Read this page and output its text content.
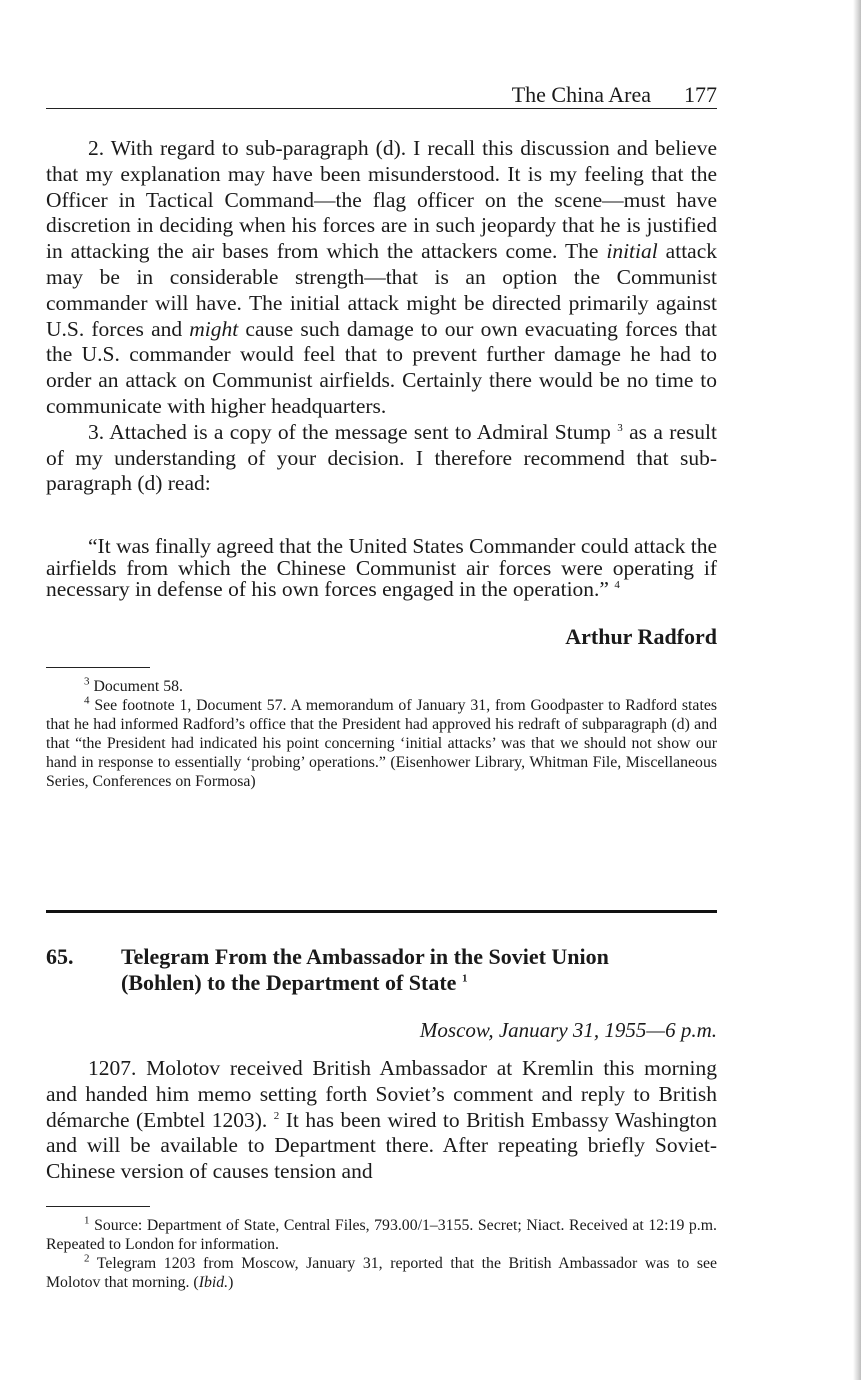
The China Area 177

2. With regard to sub-paragraph (d). I recall this discussion and believe that my explanation may have been misunderstood. It is my feeling that the Officer in Tactical Command—the flag officer on the scene—must have discretion in deciding when his forces are in such jeopardy that he is justified in attacking the air bases from which the attackers come. The initial attack may be in considerable strength—that is an option the Communist commander will have. The initial attack might be directed primarily against U.S. forces and might cause such damage to our own evacuating forces that the U.S. commander would feel that to prevent further damage he had to order an attack on Communist airfields. Certainly there would be no time to communicate with higher headquarters.

3. Attached is a copy of the message sent to Admiral Stump $^3$ as a result of my understanding of your decision. I therefore recommend that sub-paragraph (d) read:

“It was finally agreed that the United States Commander could attack the airfields from which the Chinese Communist air forces were operating if necessary in defense of his own forces engaged in the operation.” $^4$

Arthur Radford

$^3$ Document 58.

$^4$ See footnote 1, Document 57. A memorandum of January 31, from Goodpaster to Radford states that he had informed Radford’s office that the President had approved his redraft of subparagraph (d) and that “the President had indicated his point concerning ‘initial attacks’ was that we should not show our hand in response to essentially ‘probing’ operations.” (Eisenhower Library, Whitman File, Miscellaneous Series, Conferences on Formosa)

65. Telegram From the Ambassador in the Soviet Union (Bohlen) to the Department of State $^1$
Moscow, January 31, 1955—6 p.m.

1207. Molotov received British Ambassador at Kremlin this morning and handed him memo setting forth Soviet’s comment and reply to British démarche (Embtel 1203). $^2$ It has been wired to British Embassy Washington and will be available to Department there. After repeating briefly Soviet-Chinese version of causes tension and

$^1$ Source: Department of State, Central Files, 793.00/1–3155. Secret; Niact. Received at 12:19 p.m. Repeated to London for information.

$^2$ Telegram 1203 from Moscow, January 31, reported that the British Ambassador was to see Molotov that morning. (Ibid.)
